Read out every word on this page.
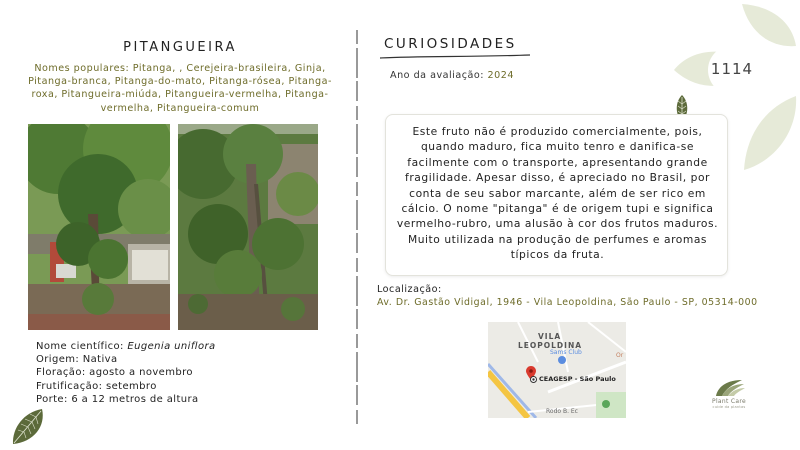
PITANGUEIRA
Nomes populares: Pitanga, , Cerejeira-brasileira, Ginja, Pitanga-branca, Pitanga-do-mato, Pitanga-rósea, Pitanga-roxa, Pitangueira-miúda, Pitangueira-vermelha, Pitanga-vermelha, Pitangueira-comum
Nome científico: Eugenia uniflora
Origem: Nativa
Floração: agosto a novembro
Frutificação: setembro
Porte: 6 a 12 metros de altura
CURIOSIDADES
Ano da avaliação: 2024
Este fruto não é produzido comercialmente, pois, quando maduro, fica muito tenro e danifica-se facilmente com o transporte, apresentando grande fragilidade. Apesar disso, é apreciado no Brasil, por conta de seu sabor marcante, além de ser rico em cálcio. O nome "pitanga" é de origem tupi e significa vermelho-rubro, uma alusão à cor dos frutos maduros. Muito utilizada na produção de perfumes e aromas típicos da fruta.
1114
Localização:
Av. Dr. Gastão Vidigal, 1946 - Vila Leopoldina, São Paulo - SP, 05314-000
VILA
LEOPOLDINA
Sams Club	Or
CEAGESP - São Paulo
Rodo B. Ec
Plant Care
cuide da plantas
